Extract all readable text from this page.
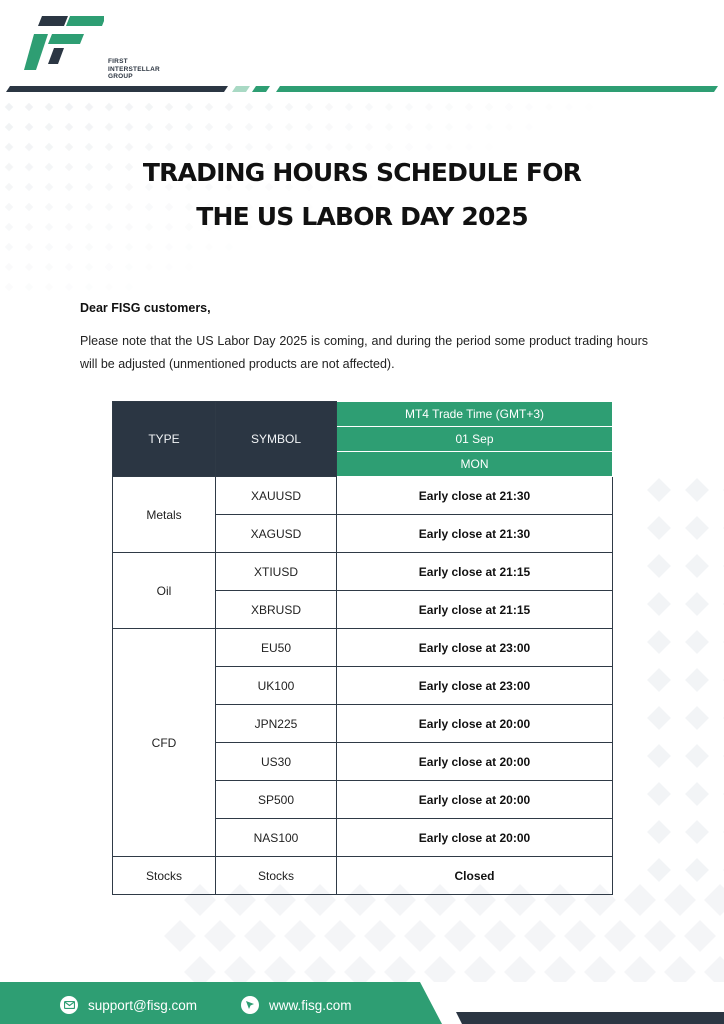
FIRST
INTERSTELLAR
GROUP
TRADING HOURS SCHEDULE FOR
THE US LABOR DAY 2025
Dear FISG customers,
Please note that the US Labor Day 2025 is coming, and during the period some product trading hours will be adjusted (unmentioned products are not affected).
TYPE	SYMBOL	MT4 Trade Time (GMT+3)
		01 Sep
		MON
Metals	XAUUSD	Early close at 21:30
	XAGUSD	Early close at 21:30
Oil	XTIUSD	Early close at 21:15
	XBRUSD	Early close at 21:15
CFD	EU50	Early close at 23:00
	UK100	Early close at 23:00
	JPN225	Early close at 20:00
	US30	Early close at 20:00
	SP500	Early close at 20:00
	NAS100	Early close at 20:00
Stocks	Stocks	Closed
support@fisg.com	www.fisg.com
